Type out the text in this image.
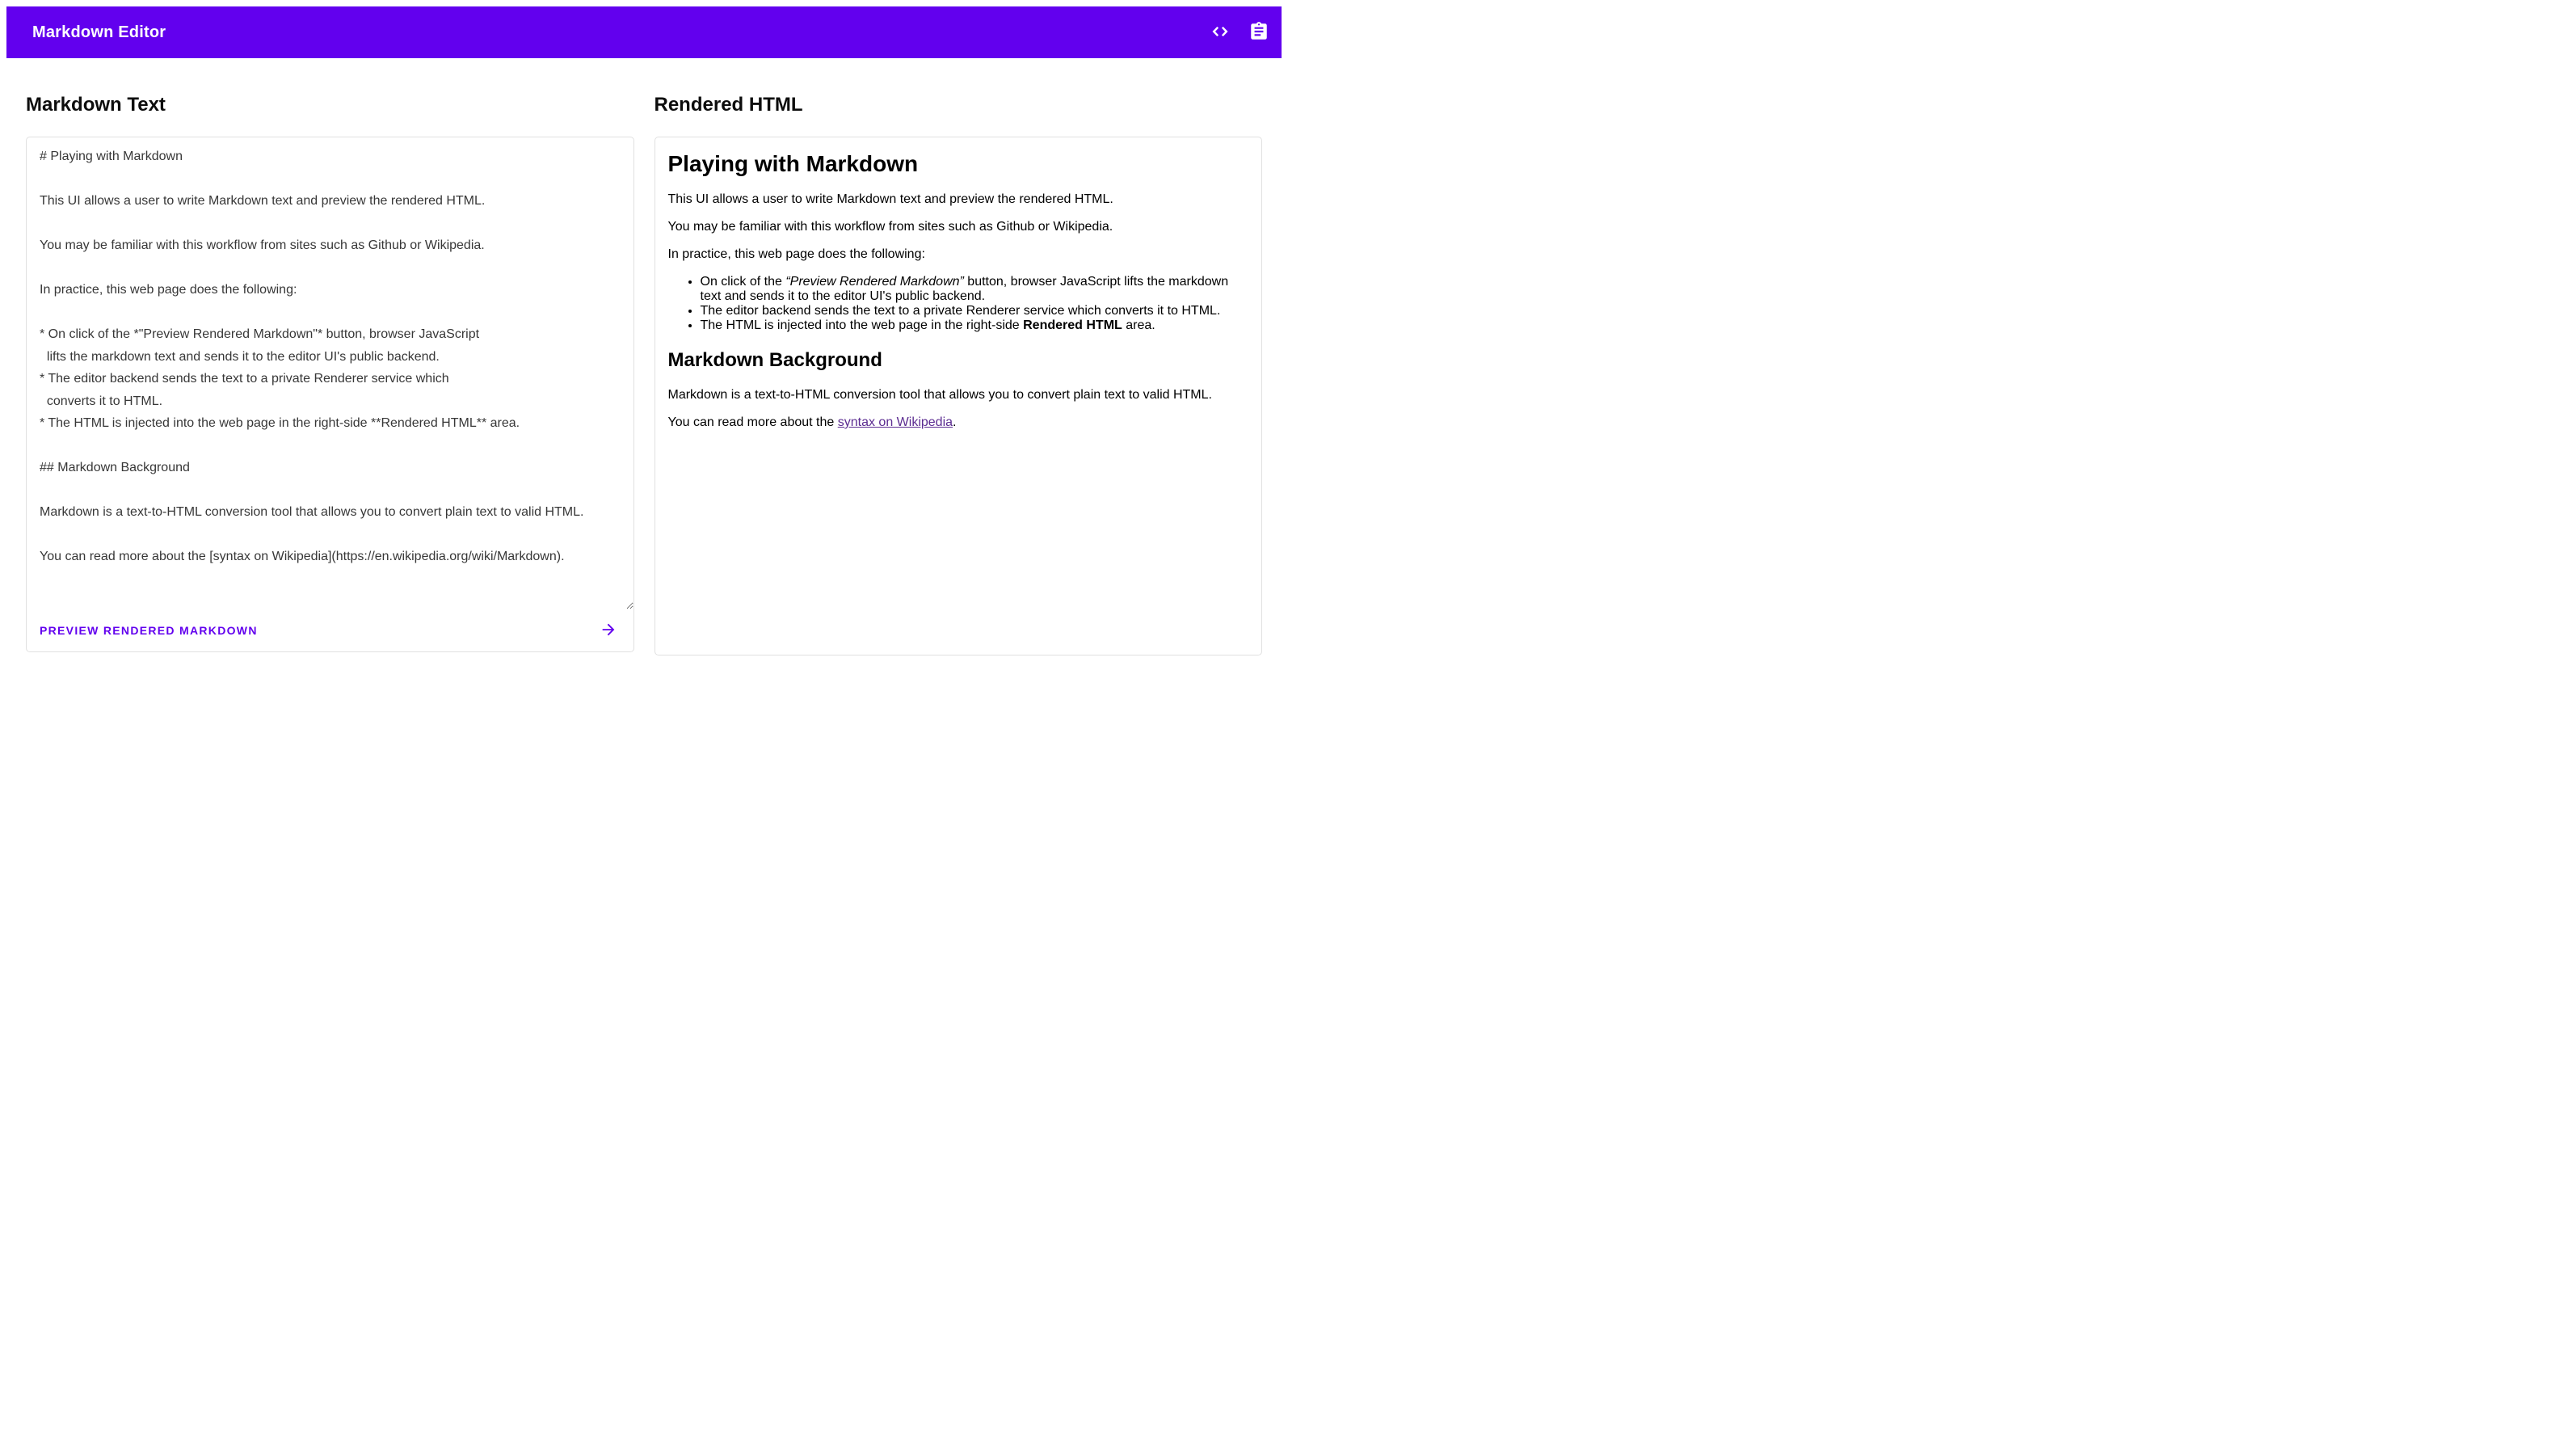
Markdown Editor
Markdown Text
# Playing with Markdown This UI allows a user to write Markdown text and preview the rendered HTML. You may be familiar with this workflow from sites such as Github or Wikipedia. In practice, this web page does the following: * On click of the *"Preview Rendered Markdown"* button, browser JavaScript lifts the markdown text and sends it to the editor UI's public backend. * The editor backend sends the text to a private Renderer service which converts it to HTML. * The HTML is injected into the web page in the right-side **Rendered HTML** area. ## Markdown Background Markdown is a text-to-HTML conversion tool that allows you to convert plain text to valid HTML. You can read more about the [syntax on Wikipedia](https://en.wikipedia.org/wiki/Markdown).
PREVIEW RENDERED MARKDOWN
Rendered HTML
Playing with Markdown

This UI allows a user to write Markdown text and preview the rendered HTML.

You may be familiar with this workflow from sites such as Github or Wikipedia.

In practice, this web page does the following:

• On click of the “Preview Rendered Markdown” button, browser JavaScript lifts the markdown text and sends it to the editor UI's public backend.
• The editor backend sends the text to a private Renderer service which converts it to HTML.
• The HTML is injected into the web page in the right-side Rendered HTML area.
Markdown Background

Markdown is a text-to-HTML conversion tool that allows you to convert plain text to valid HTML.

You can read more about the syntax on Wikipedia.
